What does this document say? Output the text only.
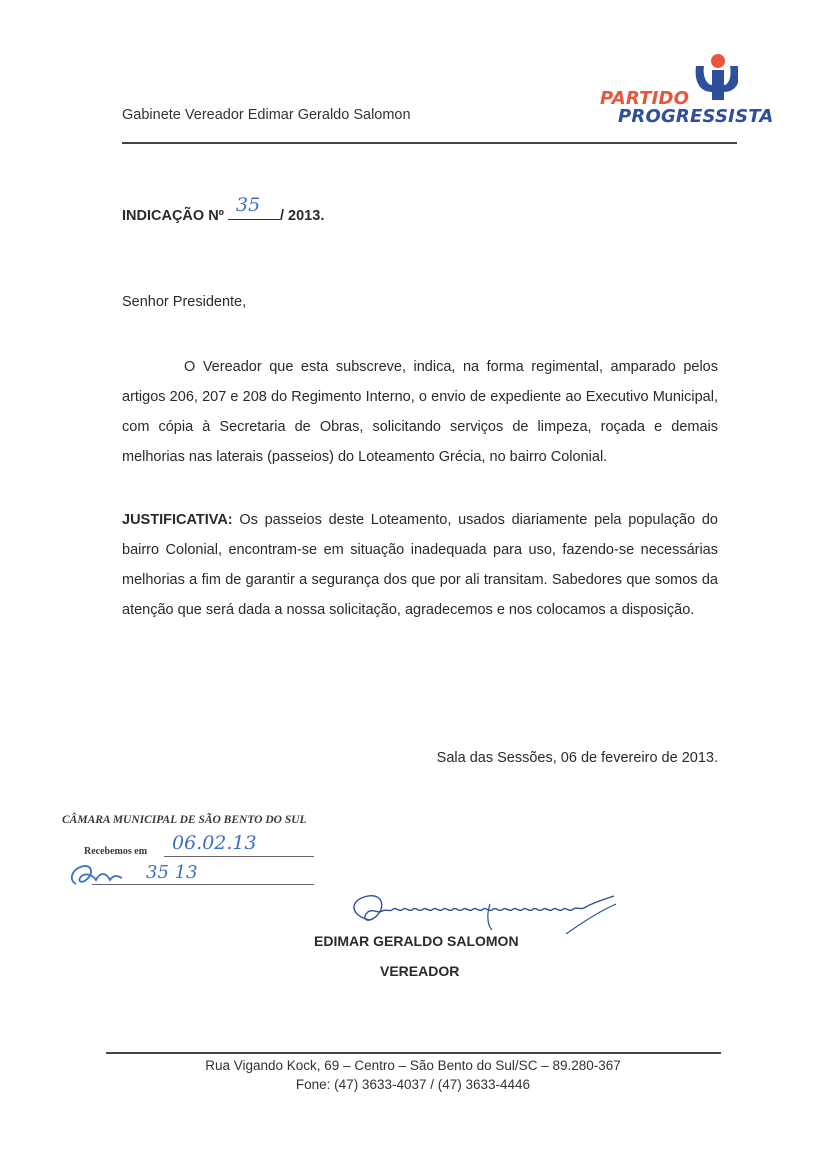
Gabinete Vereador Edimar Geraldo Salomon
PARTIDO
PROGRESSISTA
INDICAÇÃO Nº 35 / 2013.
Senhor Presidente,
O Vereador que esta subscreve, indica, na forma regimental, amparado pelos artigos 206, 207 e 208 do Regimento Interno, o envio de expediente ao Executivo Municipal, com cópia à Secretaria de Obras, solicitando serviços de limpeza, roçada e demais melhorias nas laterais (passeios) do Loteamento Grécia, no bairro Colonial.
JUSTIFICATIVA: Os passeios deste Loteamento, usados diariamente pela população do bairro Colonial, encontram-se em situação inadequada para uso, fazendo-se necessárias melhorias a fim de garantir a segurança dos que por ali transitam. Sabedores que somos da atenção que será dada a nossa solicitação, agradecemos e nos colocamos a disposição.
Sala das Sessões, 06 de fevereiro de 2013.
CÂMARA MUNICIPAL DE SÃO BENTO DO SUL
Recebemos em 06.02.13
35 13
EDIMAR GERALDO SALOMON
VEREADOR
Rua Vigando Kock, 69 – Centro – São Bento do Sul/SC – 89.280-367
Fone: (47) 3633-4037 / (47) 3633-4446
